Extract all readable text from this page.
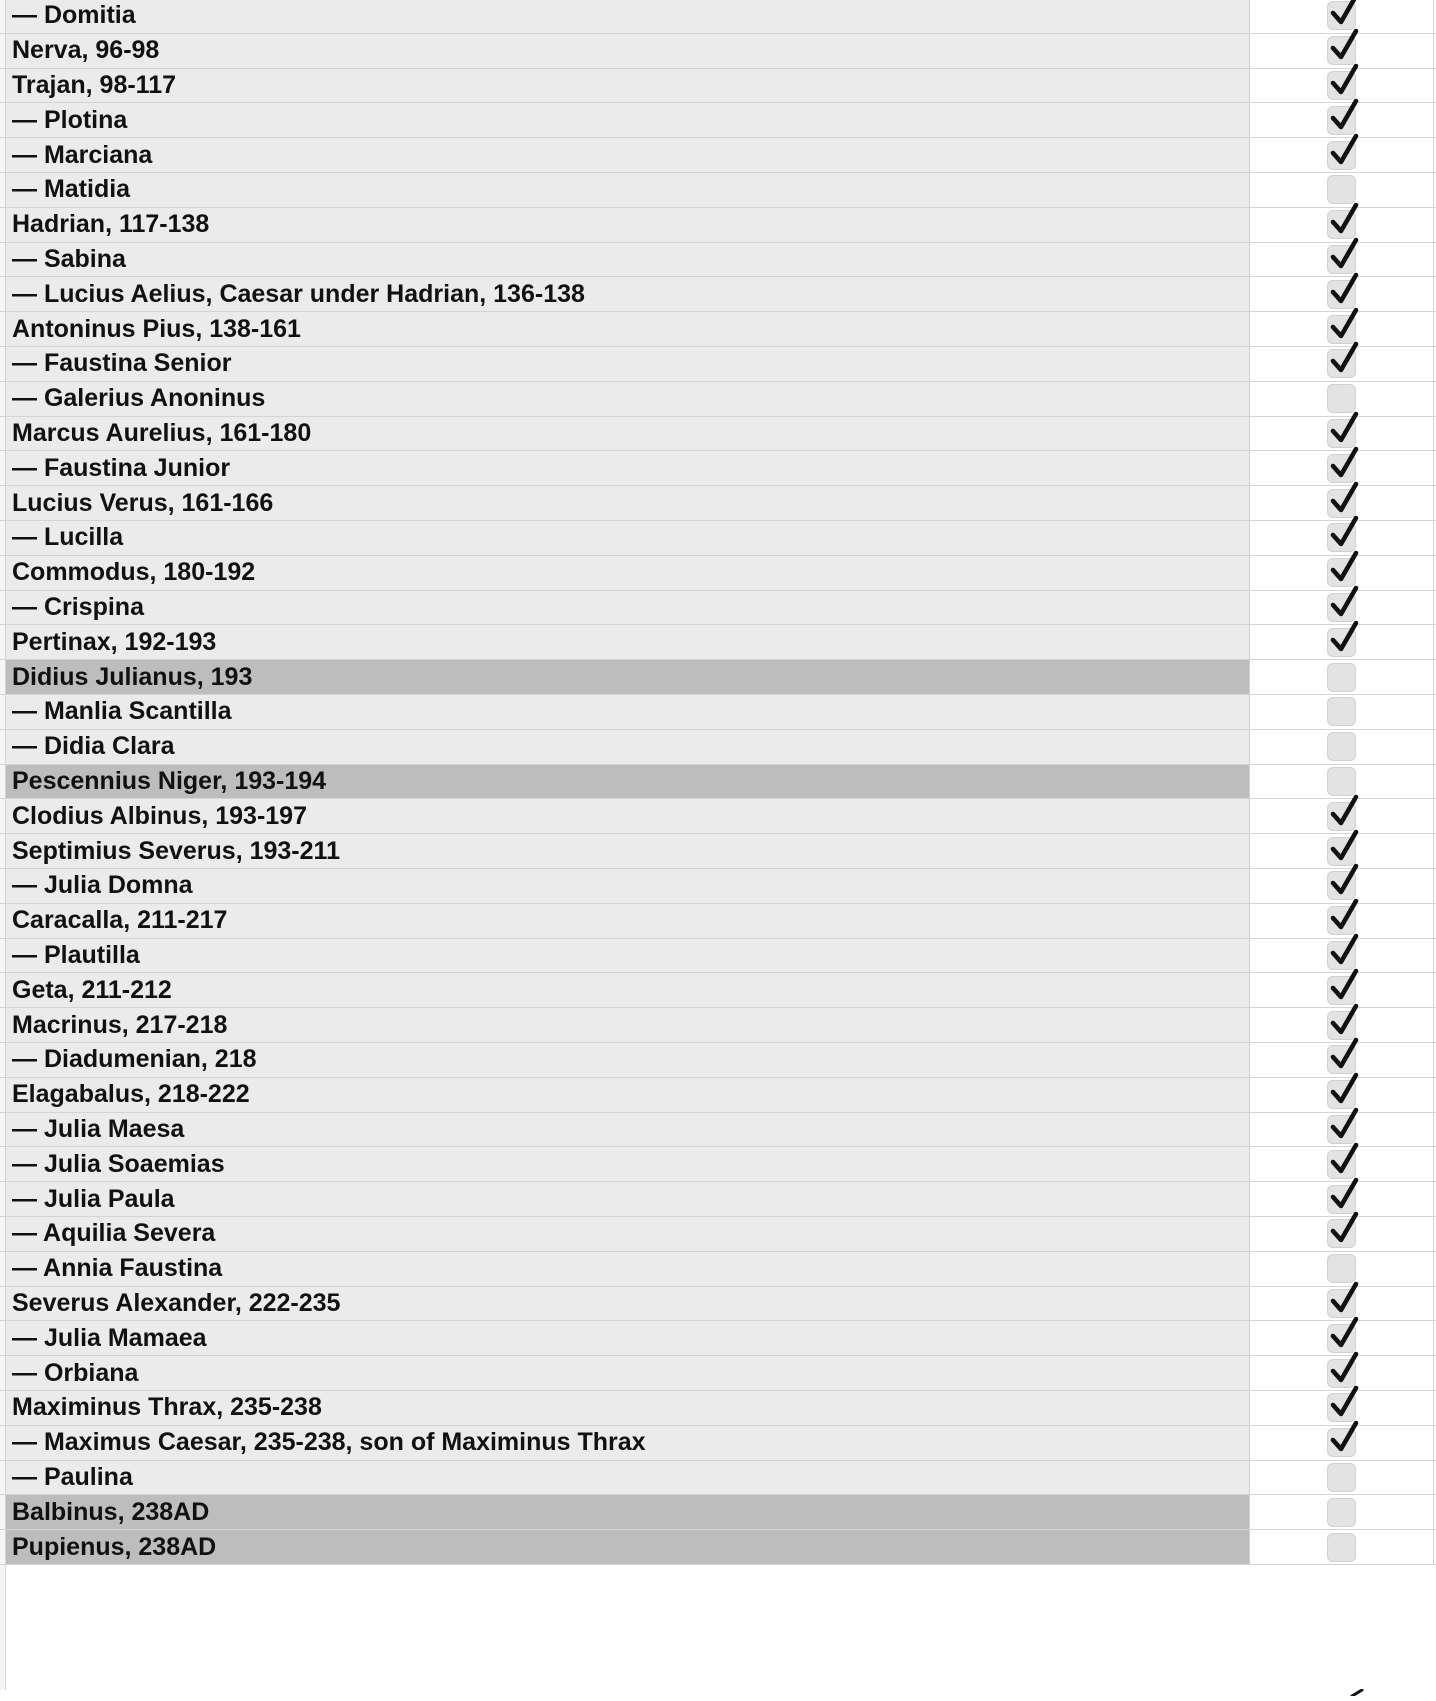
— Domitia
Nerva, 96-98
Trajan, 98-117
— Plotina
— Marciana
— Matidia
Hadrian, 117-138
— Sabina
— Lucius Aelius, Caesar under Hadrian, 136-138
Antoninus Pius, 138-161
— Faustina Senior
— Galerius Anoninus
Marcus Aurelius, 161-180
— Faustina Junior
Lucius Verus, 161-166
— Lucilla
Commodus, 180-192
— Crispina
Pertinax, 192-193
Didius Julianus, 193
— Manlia Scantilla
— Didia Clara
Pescennius Niger, 193-194
Clodius Albinus, 193-197
Septimius Severus, 193-211
— Julia Domna
Caracalla, 211-217
— Plautilla
Geta, 211-212
Macrinus, 217-218
— Diadumenian, 218
Elagabalus, 218-222
— Julia Maesa
— Julia Soaemias
— Julia Paula
— Aquilia Severa
— Annia Faustina
Severus Alexander, 222-235
— Julia Mamaea
— Orbiana
Maximinus Thrax, 235-238
— Maximus Caesar, 235-238, son of Maximinus Thrax
— Paulina
Balbinus, 238AD
Pupienus, 238AD
